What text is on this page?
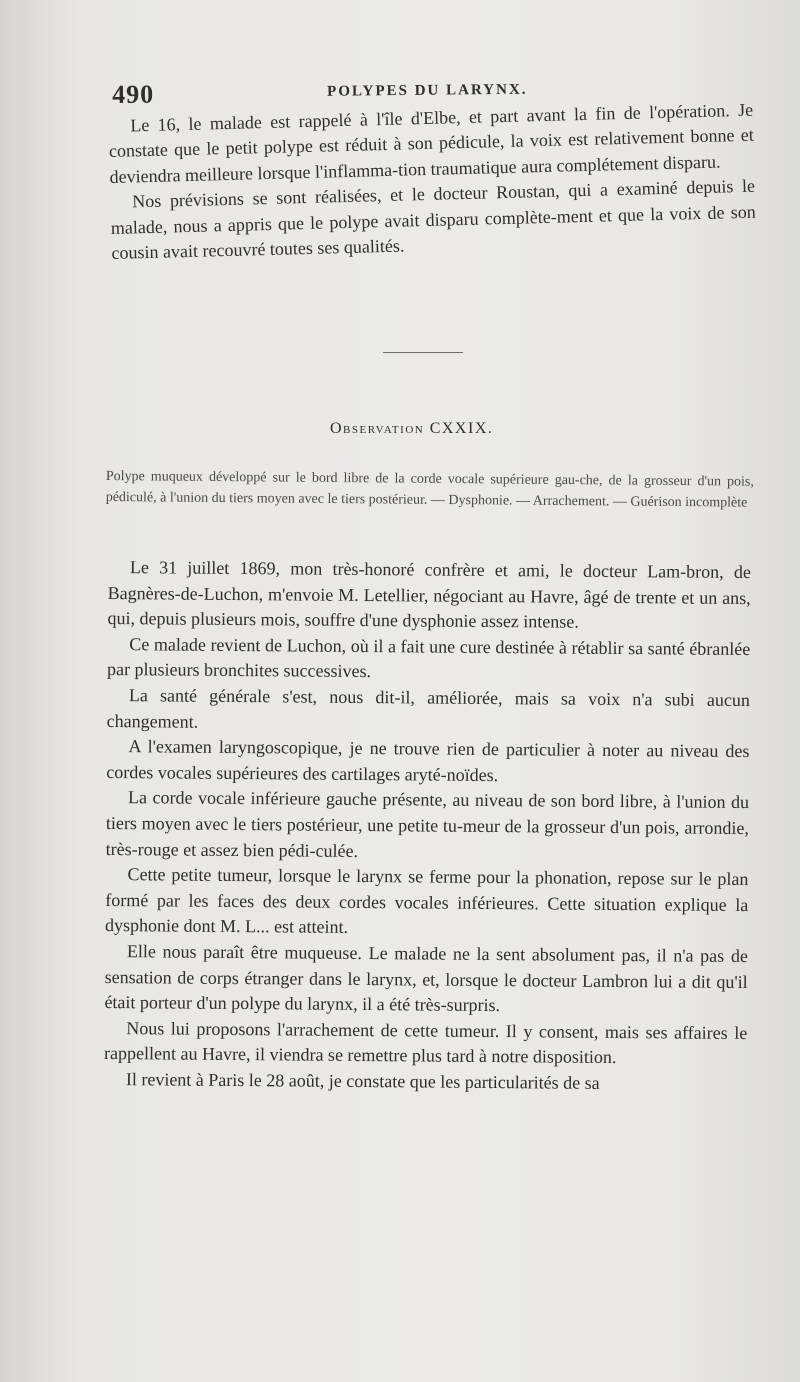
490	POLYPES DU LARYNX.

Le 16, le malade est rappelé à l'île d'Elbe, et part avant la fin de l'opération. Je constate que le petit polype est réduit à son pédicule, la voix est relativement bonne et deviendra meilleure lorsque l'inflamma-tion traumatique aura complétement disparu.

Nos prévisions se sont réalisées, et le docteur Roustan, qui a examiné depuis le malade, nous a appris que le polype avait disparu complète-ment et que la voix de son cousin avait recouvré toutes ses qualités.

Observation CXXIX.

Polype muqueux développé sur le bord libre de la corde vocale supérieure gau-che, de la grosseur d'un pois, pédiculé, à l'union du tiers moyen avec le tiers postérieur. — Dysphonie. — Arrachement. — Guérison incomplète

Le 31 juillet 1869, mon très-honoré confrère et ami, le docteur Lam-bron, de Bagnères-de-Luchon, m'envoie M. Letellier, négociant au Havre, âgé de trente et un ans, qui, depuis plusieurs mois, souffre d'une dysphonie assez intense.

Ce malade revient de Luchon, où il a fait une cure destinée à rétablir sa santé ébranlée par plusieurs bronchites successives.

La santé générale s'est, nous dit-il, améliorée, mais sa voix n'a subi aucun changement.

A l'examen laryngoscopique, je ne trouve rien de particulier à noter au niveau des cordes vocales supérieures des cartilages aryté-noïdes.

La corde vocale inférieure gauche présente, au niveau de son bord libre, à l'union du tiers moyen avec le tiers postérieur, une petite tu-meur de la grosseur d'un pois, arrondie, très-rouge et assez bien pédi-culée.

Cette petite tumeur, lorsque le larynx se ferme pour la phonation, repose sur le plan formé par les faces des deux cordes vocales inférieures. Cette situation explique la dysphonie dont M. L... est atteint.

Elle nous paraît être muqueuse. Le malade ne la sent absolument pas, il n'a pas de sensation de corps étranger dans le larynx, et, lorsque le docteur Lambron lui a dit qu'il était porteur d'un polype du larynx, il a été très-surpris.

Nous lui proposons l'arrachement de cette tumeur. Il y consent, mais ses affaires le rappellent au Havre, il viendra se remettre plus tard à notre disposition.

Il revient à Paris le 28 août, je constate que les particularités de sa
